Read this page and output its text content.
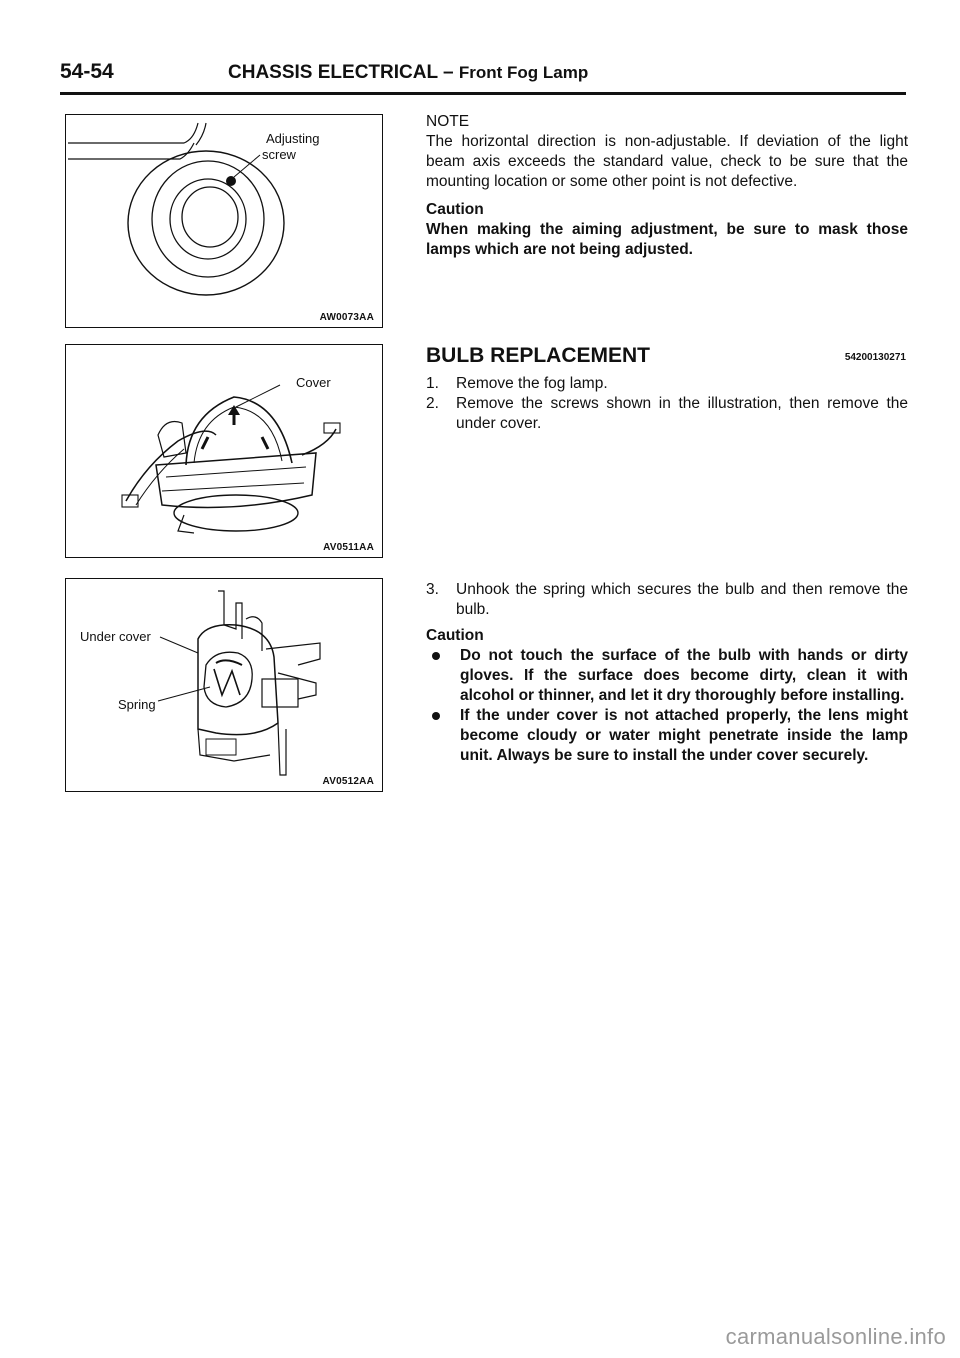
54-54	CHASSIS ELECTRICAL – Front Fog Lamp
Adjusting
screw
AW0073AA
Cover
AV0511AA
Under cover
Spring
AV0512AA

NOTE

The horizontal direction is non-adjustable. If deviation of the light beam axis exceeds the standard value, check to be sure that the mounting location or some other point is not defective.

Caution

When making the aiming adjustment, be sure to mask those lamps which are not being adjusted.

BULB REPLACEMENT	54200130271
1. Remove the fog lamp.
2. Remove the screws shown in the illustration, then remove the under cover.
3. Unhook the spring which secures the bulb and then remove the bulb.

Caution

Do not touch the surface of the bulb with hands or dirty gloves. If the surface does become dirty, clean it with alcohol or thinner, and let it dry thoroughly before installing.
If the under cover is not attached properly, the lens might become cloudy or water might penetrate inside the lamp unit. Always be sure to install the under cover securely.
carmanualsonline.info
